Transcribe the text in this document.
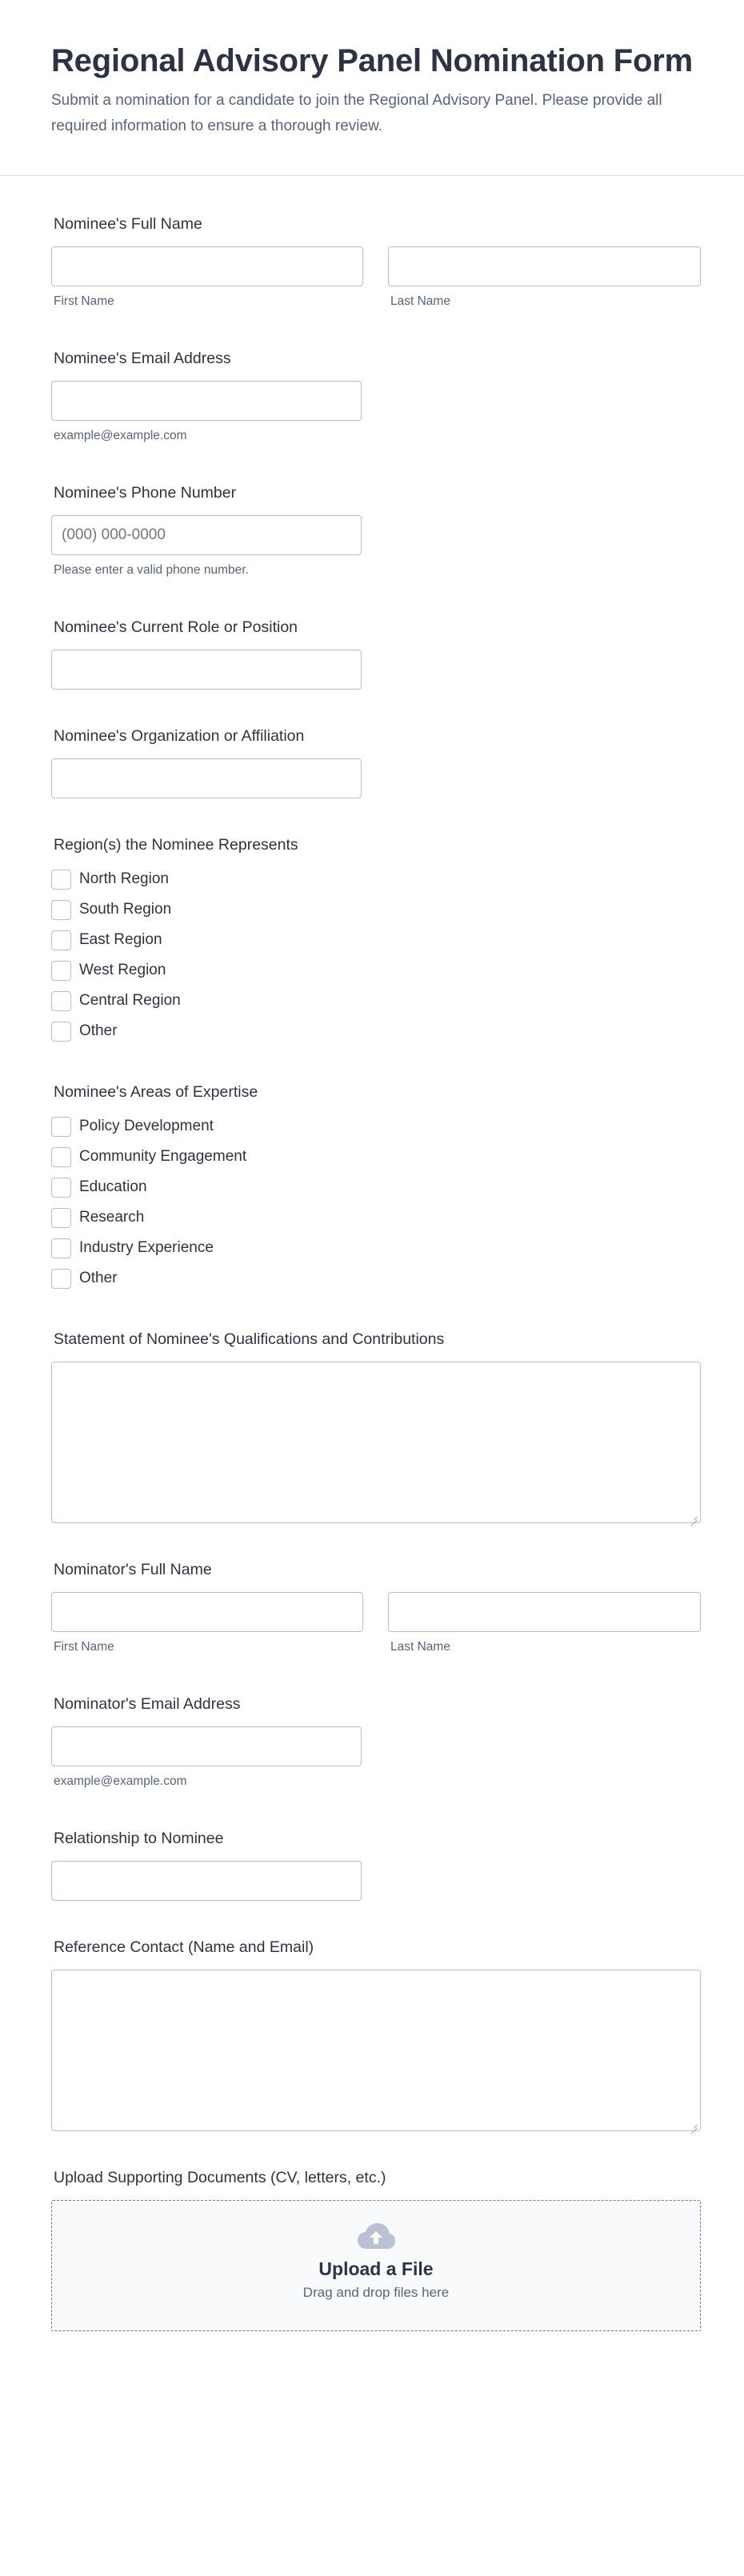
Regional Advisory Panel Nomination Form

Submit a nomination for a candidate to join the Regional Advisory Panel. Please provide all required information to ensure a thorough review.

Nominee's Full Name
First Name	Last Name
Nominee's Email Address
example@example.com
Nominee's Phone Number
(000) 000-0000
Please enter a valid phone number.
Nominee's Current Role or Position
Nominee's Organization or Affiliation
Region(s) the Nominee Represents
North Region
South Region
East Region
West Region
Central Region
Other
Nominee's Areas of Expertise
Policy Development
Community Engagement
Education
Research
Industry Experience
Other
Statement of Nominee's Qualifications and Contributions
Nominator's Full Name
First Name	Last Name
Nominator's Email Address
example@example.com
Relationship to Nominee
Reference Contact (Name and Email)
Upload Supporting Documents (CV, letters, etc.)
Upload a File
Drag and drop files here
